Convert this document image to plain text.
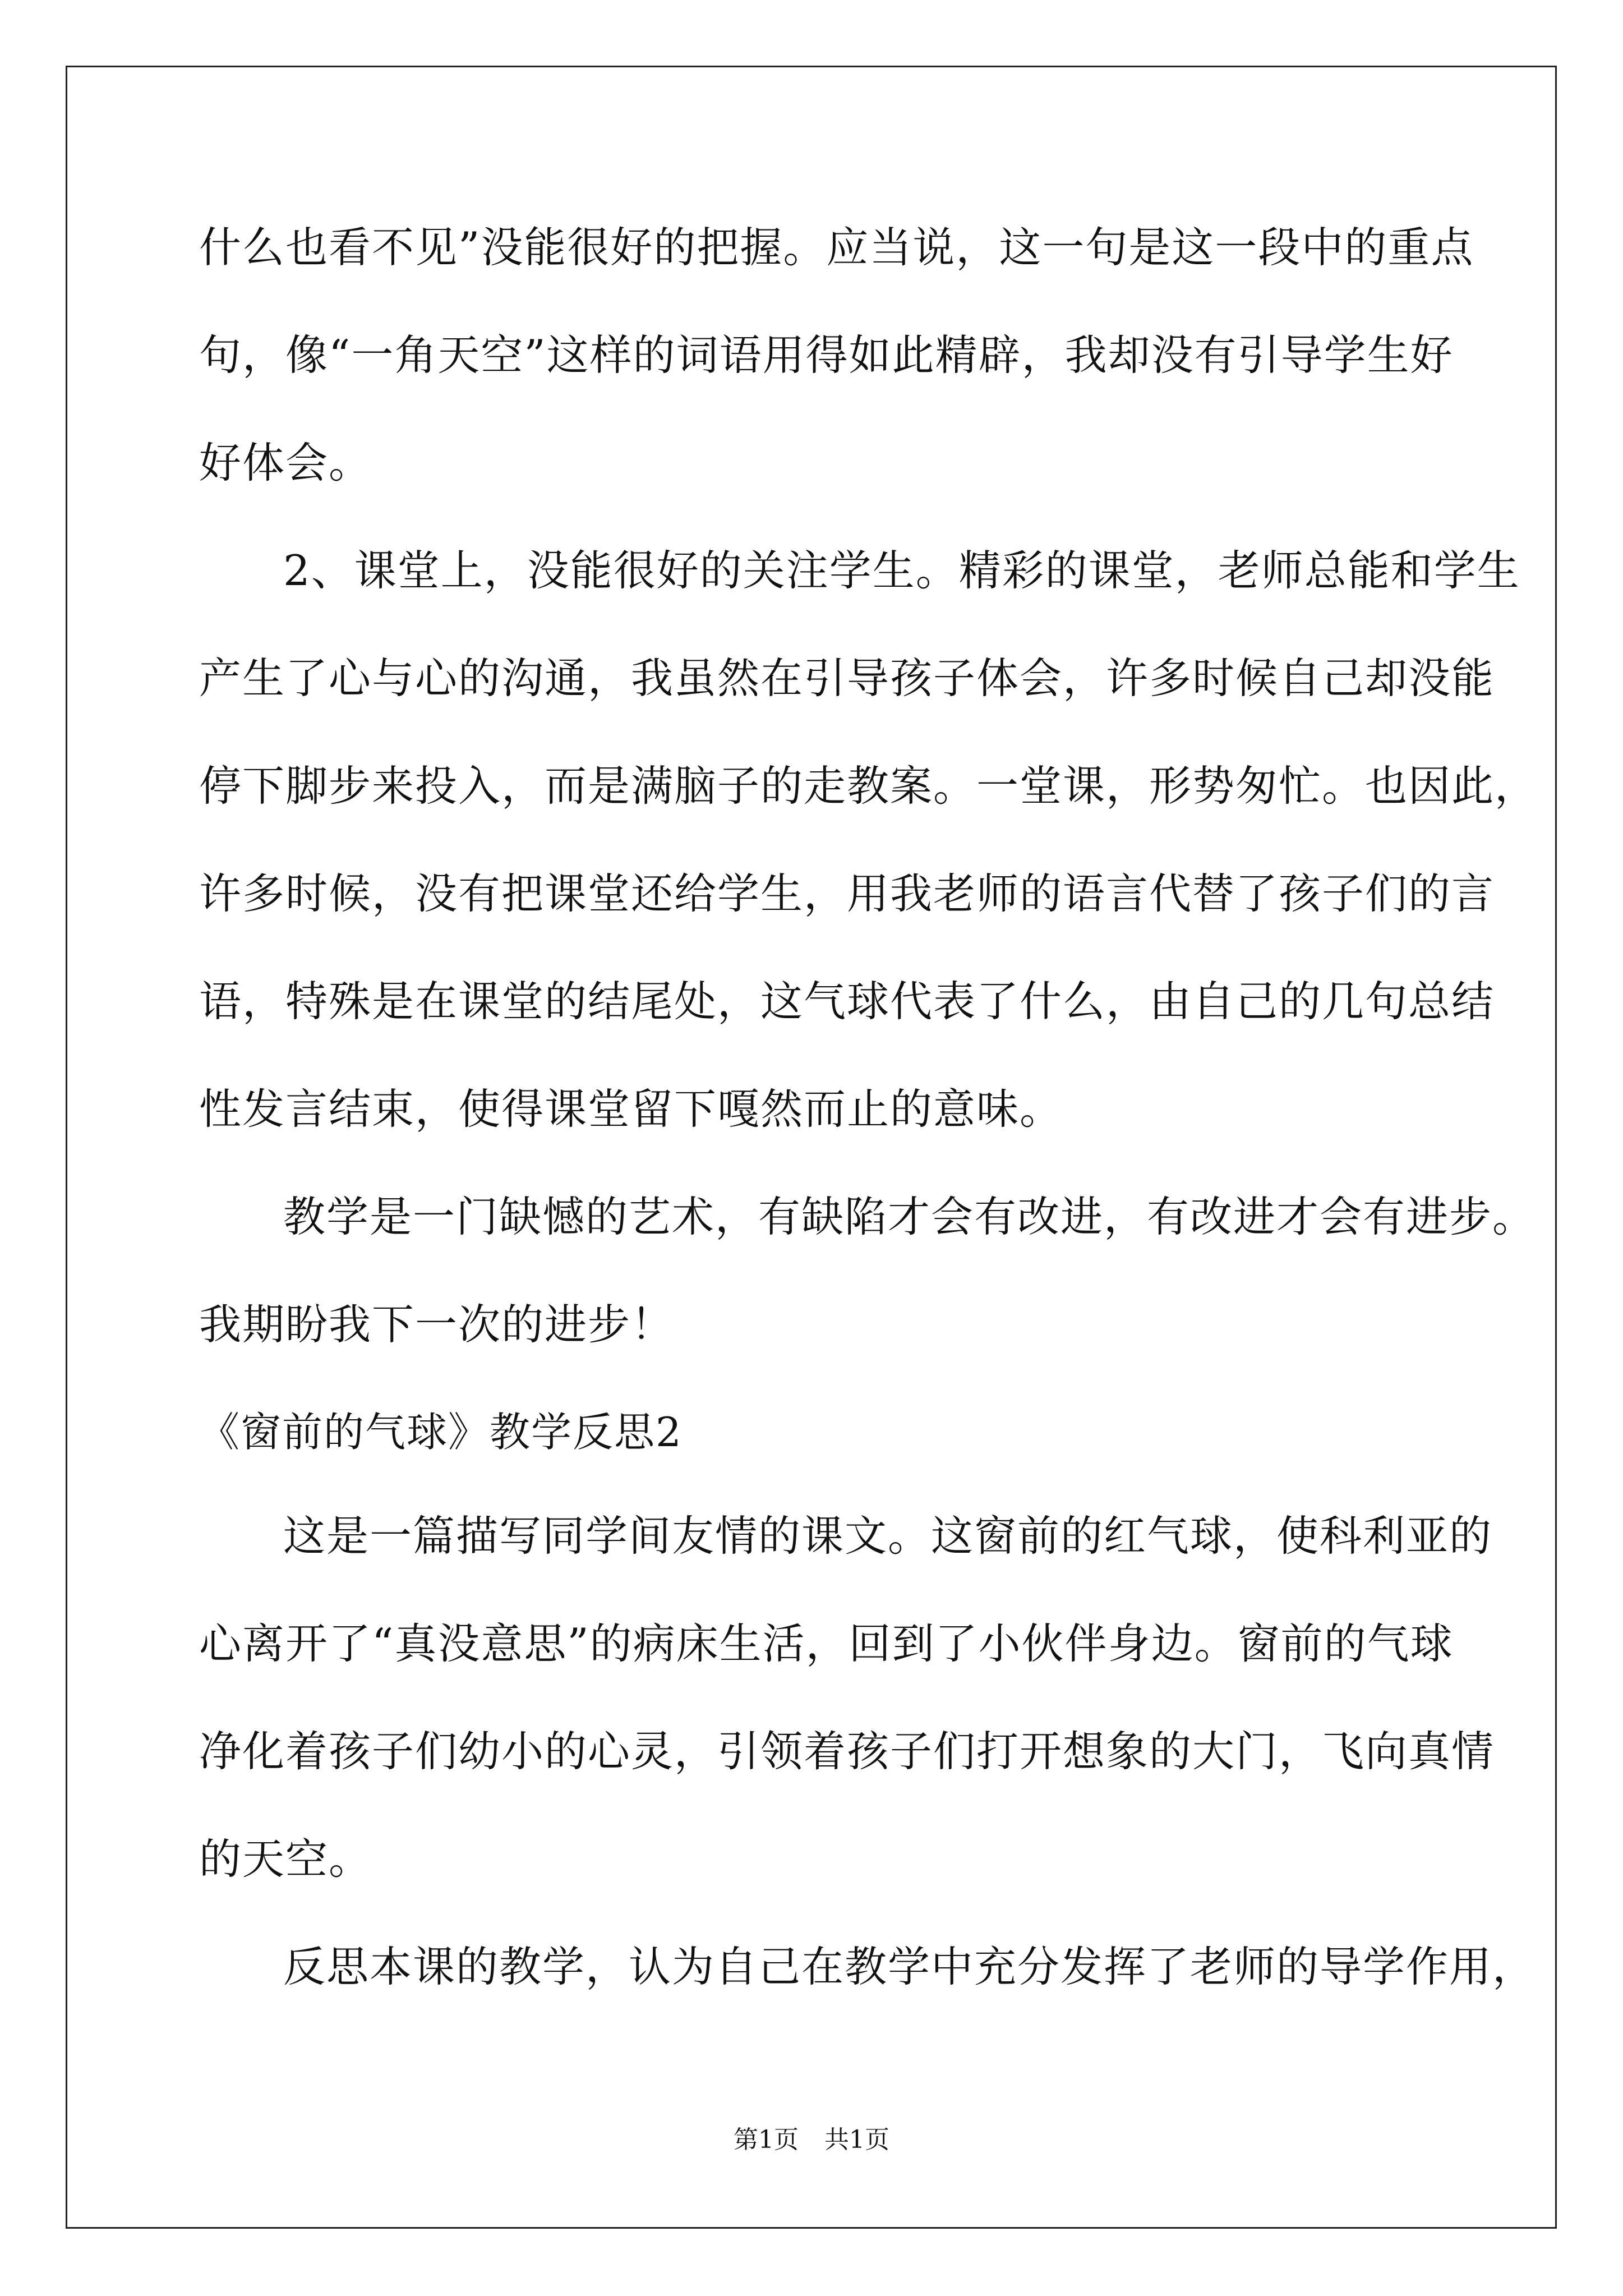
什么也看不见”没能很好的把握。应当说，这一句是这一段中的重点
句，像“一角天空”这样的词语用得如此精辟，我却没有引导学生好
好体会。
2、课堂上，没能很好的关注学生。精彩的课堂，老师总能和学生
产生了心与心的沟通，我虽然在引导孩子体会，许多时候自己却没能
停下脚步来投入，而是满脑子的走教案。一堂课，形势匆忙。也因此，
许多时候，没有把课堂还给学生，用我老师的语言代替了孩子们的言
语，特殊是在课堂的结尾处，这气球代表了什么，由自己的几句总结
性发言结束，使得课堂留下嘎然而止的意味。
教学是一门缺憾的艺术，有缺陷才会有改进，有改进才会有进步。
我期盼我下一次的进步！
《窗前的气球》教学反思2
这是一篇描写同学间友情的课文。这窗前的红气球，使科利亚的
心离开了“真没意思”的病床生活，回到了小伙伴身边。窗前的气球
净化着孩子们幼小的心灵，引领着孩子们打开想象的大门，飞向真情
的天空。
反思本课的教学，认为自己在教学中充分发挥了老师的导学作用，
第1页 共1页
